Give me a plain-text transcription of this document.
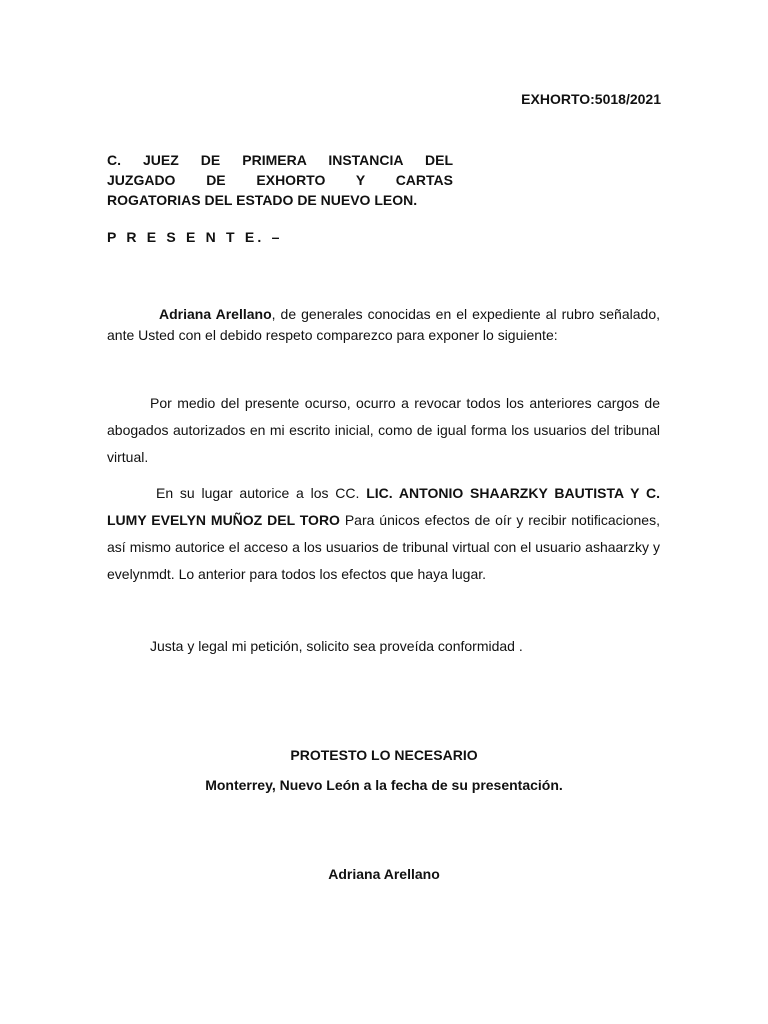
EXHORTO:5018/2021
C. JUEZ DE PRIMERA INSTANCIA DEL
JUZGADO DE EXHORTO Y CARTAS
ROGATORIAS DEL ESTADO DE NUEVO LEON.
P R E S E N T E. –

Adriana Arellano, de generales conocidas en el expediente al rubro señalado, ante Usted con el debido respeto comparezco para exponer lo siguiente:

Por medio del presente ocurso, ocurro a revocar todos los anteriores cargos de abogados autorizados en mi escrito inicial, como de igual forma los usuarios del tribunal virtual.

En su lugar autorice a los CC. LIC. ANTONIO SHAARZKY BAUTISTA Y C. LUMY EVELYN MUÑOZ DEL TORO Para únicos efectos de oír y recibir notificaciones, así mismo autorice el acceso a los usuarios de tribunal virtual con el usuario ashaarzky y evelynmdt. Lo anterior para todos los efectos que haya lugar.

Justa y legal mi petición, solicito sea proveída conformidad .

PROTESTO LO NECESARIO
Monterrey, Nuevo León a la fecha de su presentación.
Adriana Arellano
